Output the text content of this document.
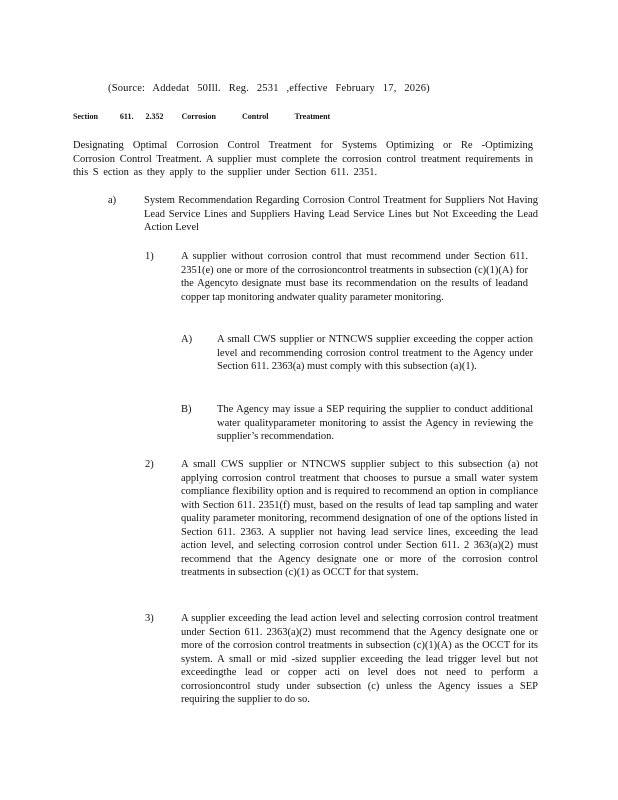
(Source: Addedat 50Ill. Reg. 2531 ,effective February 17, 2026)
Section	611. 2.352 Corrosion	Control	Treatment
Designating Optimal Corrosion Control Treatment for Systems Optimizing or Re -Optimizing Corrosion Control Treatment. A supplier must complete the corrosion control treatment requirements in this S ection as they apply to the supplier under Section 611. 2351.
a)	System Recommendation Regarding Corrosion Control Treatment for Suppliers Not Having Lead Service Lines and Suppliers Having Lead Service Lines but Not Exceeding the Lead Action Level
1)	A supplier without corrosion control that must recommend under Section 611. 2351(e) one or more of the corrosioncontrol treatments in subsection (c)(1)(A) for the Agencyto designate must base its recommendation on the results of leadand copper tap monitoring andwater quality parameter monitoring.
A) A small CWS supplier or NTNCWS supplier exceeding the copper action level and recommending corrosion control treatment to the Agency under Section 611. 2363(a) must comply with this subsection (a)(1).
B) The Agency may issue a SEP requiring the supplier to conduct additional water qualityparameter monitoring to assist the Agency in reviewing the supplier’s recommendation.
2)	A small CWS supplier or NTNCWS supplier subject to this subsection (a) not applying corrosion control treatment that chooses to pursue a small water system compliance flexibility option and is required to recommend an option in compliance with Section 611. 2351(f) must, based on the results of lead tap sampling and water quality parameter monitoring, recommend designation of one of the options listed in Section 611. 2363. A supplier not having lead service lines, exceeding the lead action level, and selecting corrosion control under Section 611. 2 363(a)(2) must recommend that the Agency designate one or more of the corrosion control treatments in subsection (c)(1) as OCCT for that system.
3)	A supplier exceeding the lead action level and selecting corrosion control treatment under Section 611. 2363(a)(2) must recommend that the Agency designate one or more of the corrosion control treatments in subsection (c)(1)(A) as the OCCT for its system. A small or mid -sized supplier exceeding the lead trigger level but not exceedingthe lead or copper acti on level does not need to perform a corrosioncontrol study under subsection (c) unless the Agency issues a SEP requiring the supplier to do so.
